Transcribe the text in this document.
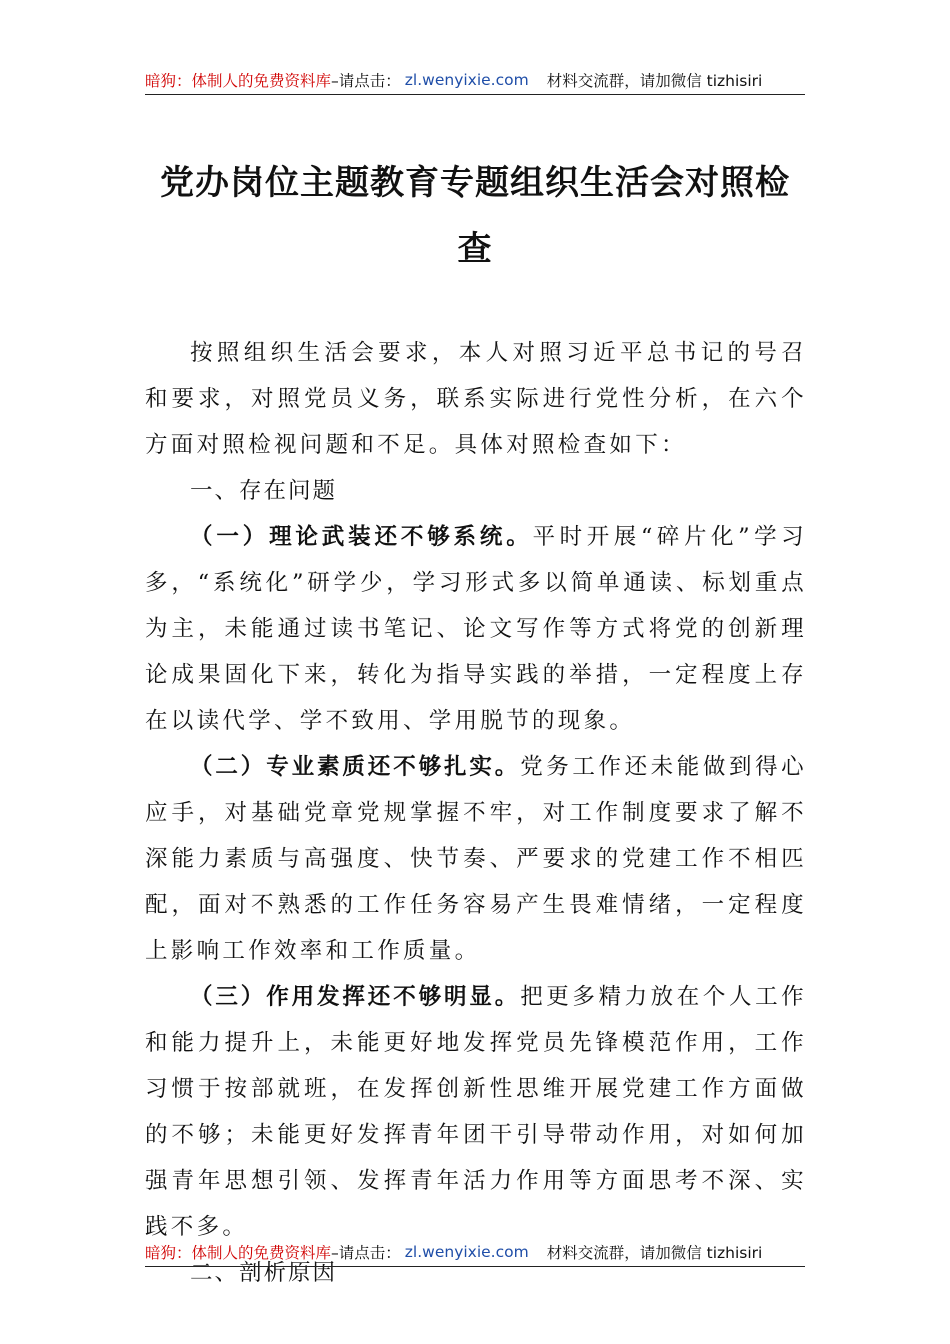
暗狗：体制人的免费资料库 –请点击： zl.wenyixie.com 材料交流群，请加微信 tizhisiri
党办岗位主题教育专题组织生活会对照检查

按照组织生活会要求，本人对照习近平总书记的号召和要求，对照党员义务，联系实际进行党性分析，在六个方面对照检视问题和不足。具体对照检查如下：

一、存在问题

（一）理论武装还不够系统。平时开展“碎片化”学习多，“系统化”研学少，学习形式多以简单通读、标划重点为主，未能通过读书笔记、论文写作等方式将党的创新理论成果固化下来，转化为指导实践的举措，一定程度上存在以读代学、学不致用、学用脱节的现象。

（二）专业素质还不够扎实。党务工作还未能做到得心应手，对基础党章党规掌握不牢，对工作制度要求了解不深能力素质与高强度、快节奏、严要求的党建工作不相匹配，面对不熟悉的工作任务容易产生畏难情绪，一定程度上影响工作效率和工作质量。

（三）作用发挥还不够明显。把更多精力放在个人工作和能力提升上，未能更好地发挥党员先锋模范作用，工作习惯于按部就班，在发挥创新性思维开展党建工作方面做的不够；未能更好发挥青年团干引导带动作用，对如何加强青年思想引领、发挥青年活力作用等方面思考不深、实践不多。

二、剖析原因

暗狗：体制人的免费资料库 –请点击： zl.wenyixie.com 材料交流群，请加微信 tizhisiri
